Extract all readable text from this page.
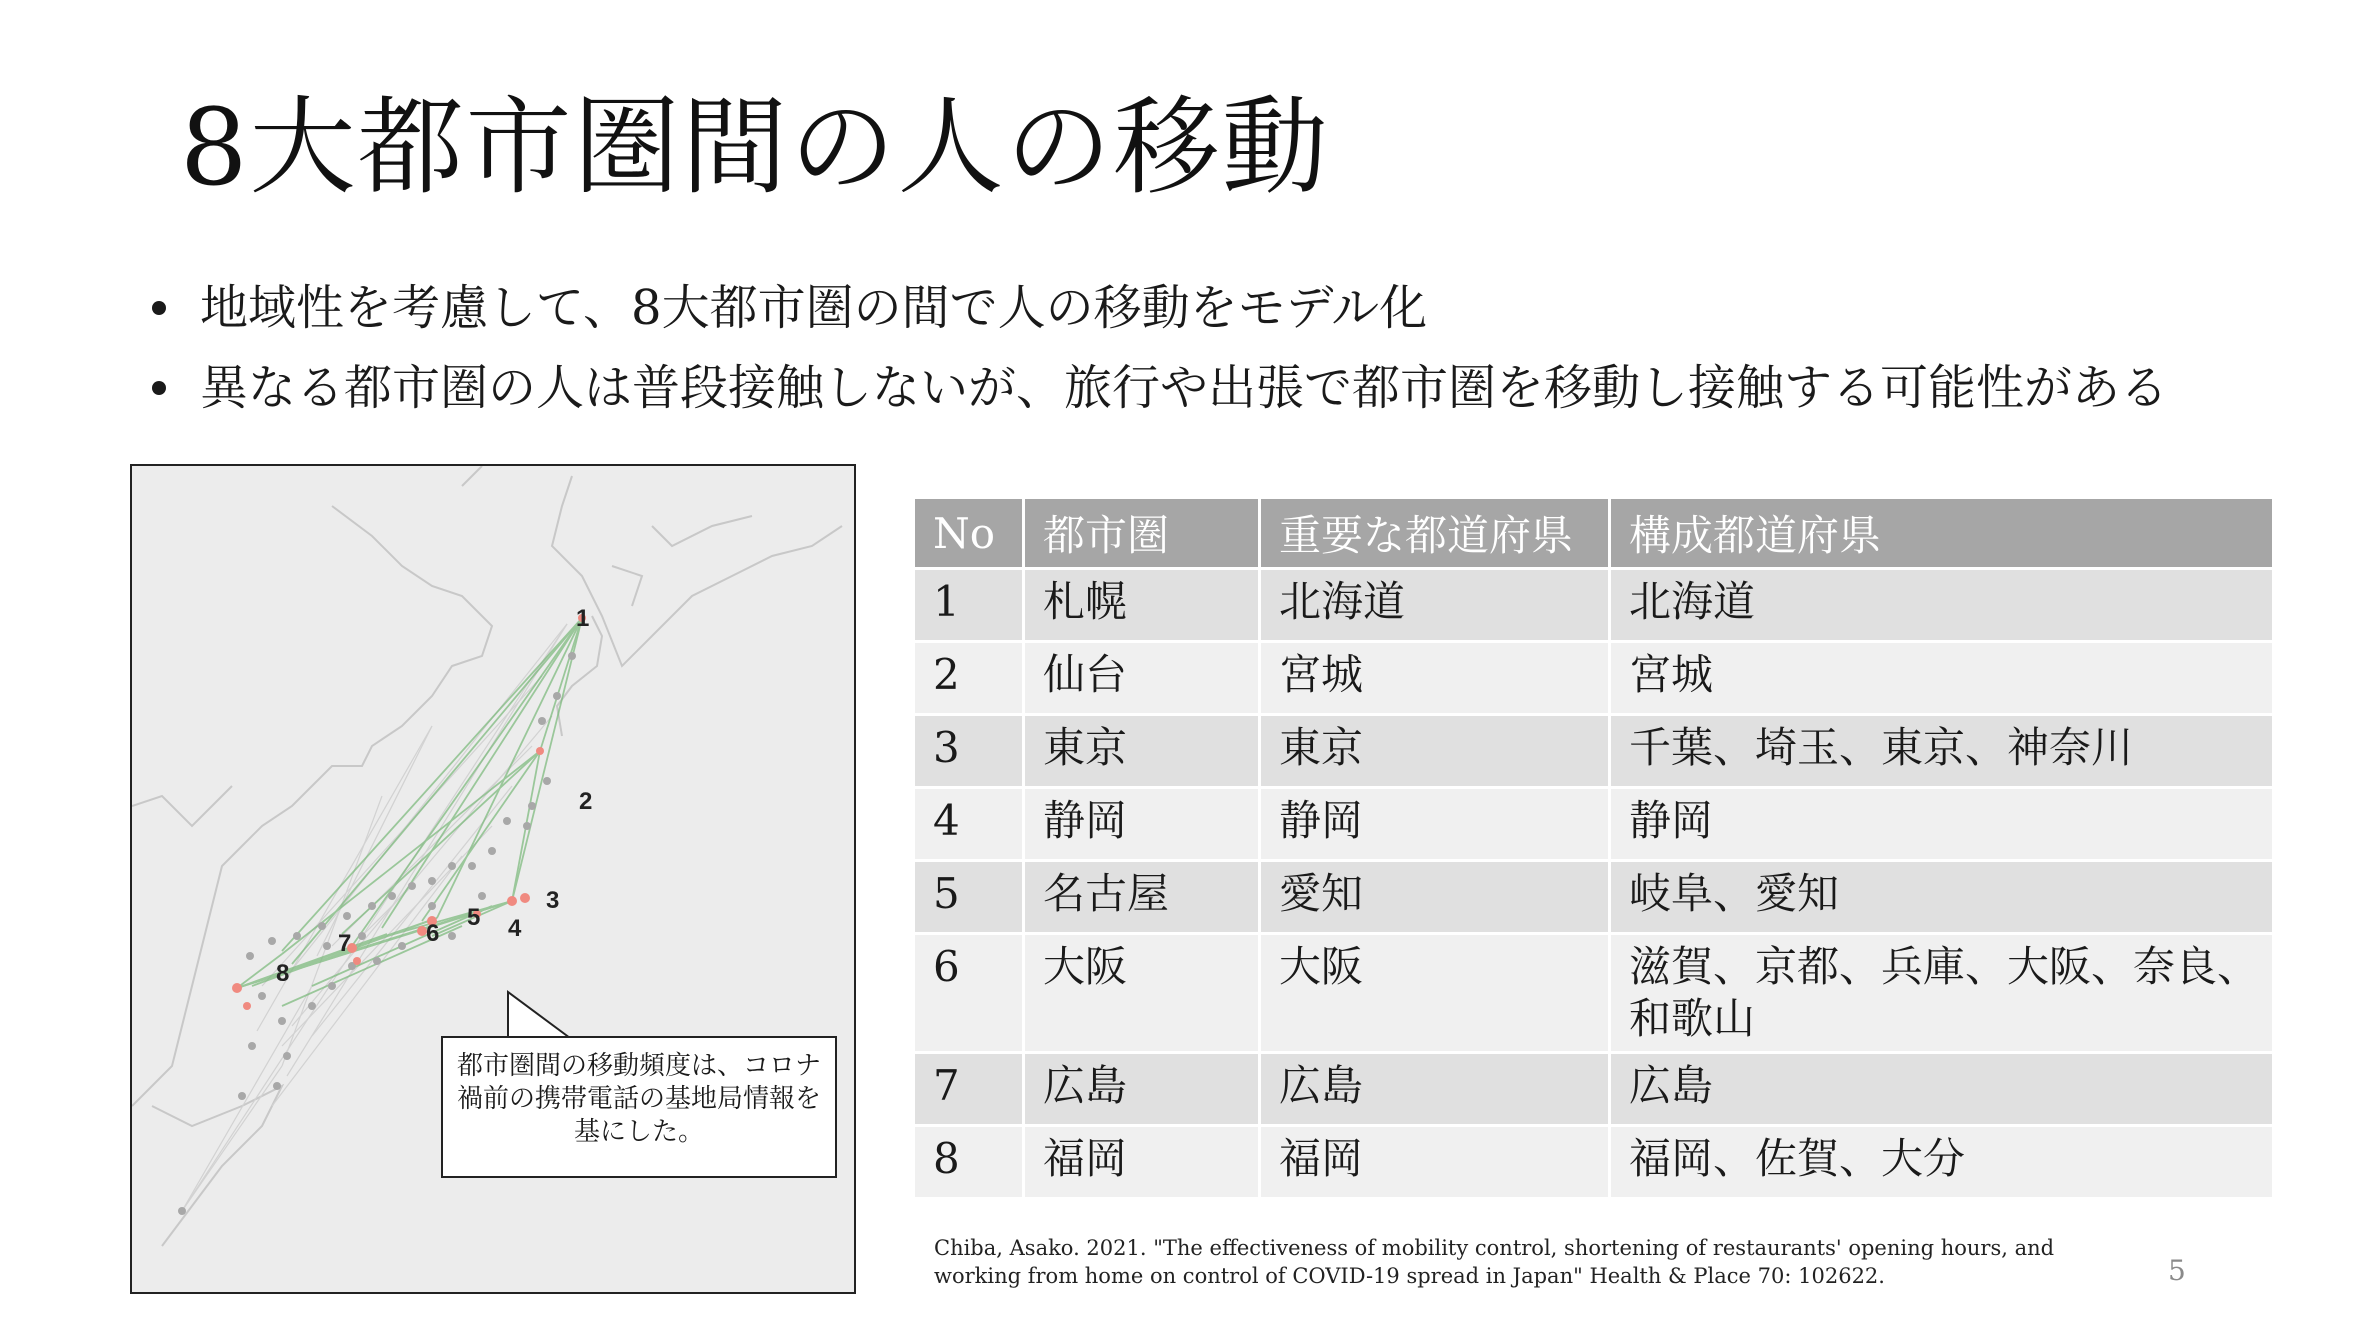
8大都市圏間の人の移動
地域性を考慮して、8大都市圏の間で人の移動をモデル化
異なる都市圏の人は普段接触しないが、旅行や出張で都市圏を移動し接触する可能性がある
1
2
3
4
5
6
7
8
都市圏間の移動頻度は、コロナ禍前の携帯電話の基地局情報を基にした。
No	都市圏	重要な都道府県	構成都道府県
1	札幌	北海道	北海道
2	仙台	宮城	宮城
3	東京	東京	千葉、埼玉、東京、神奈川
4	静岡	静岡	静岡
5	名古屋	愛知	岐阜、愛知
6	大阪	大阪	滋賀、京都、兵庫、大阪、奈良、和歌山
7	広島	広島	広島
8	福岡	福岡	福岡、佐賀、大分
Chiba, Asako. 2021. "The effectiveness of mobility control, shortening of restaurants' opening hours, and working from home on control of COVID-19 spread in Japan" Health & Place 70: 102622.	5
